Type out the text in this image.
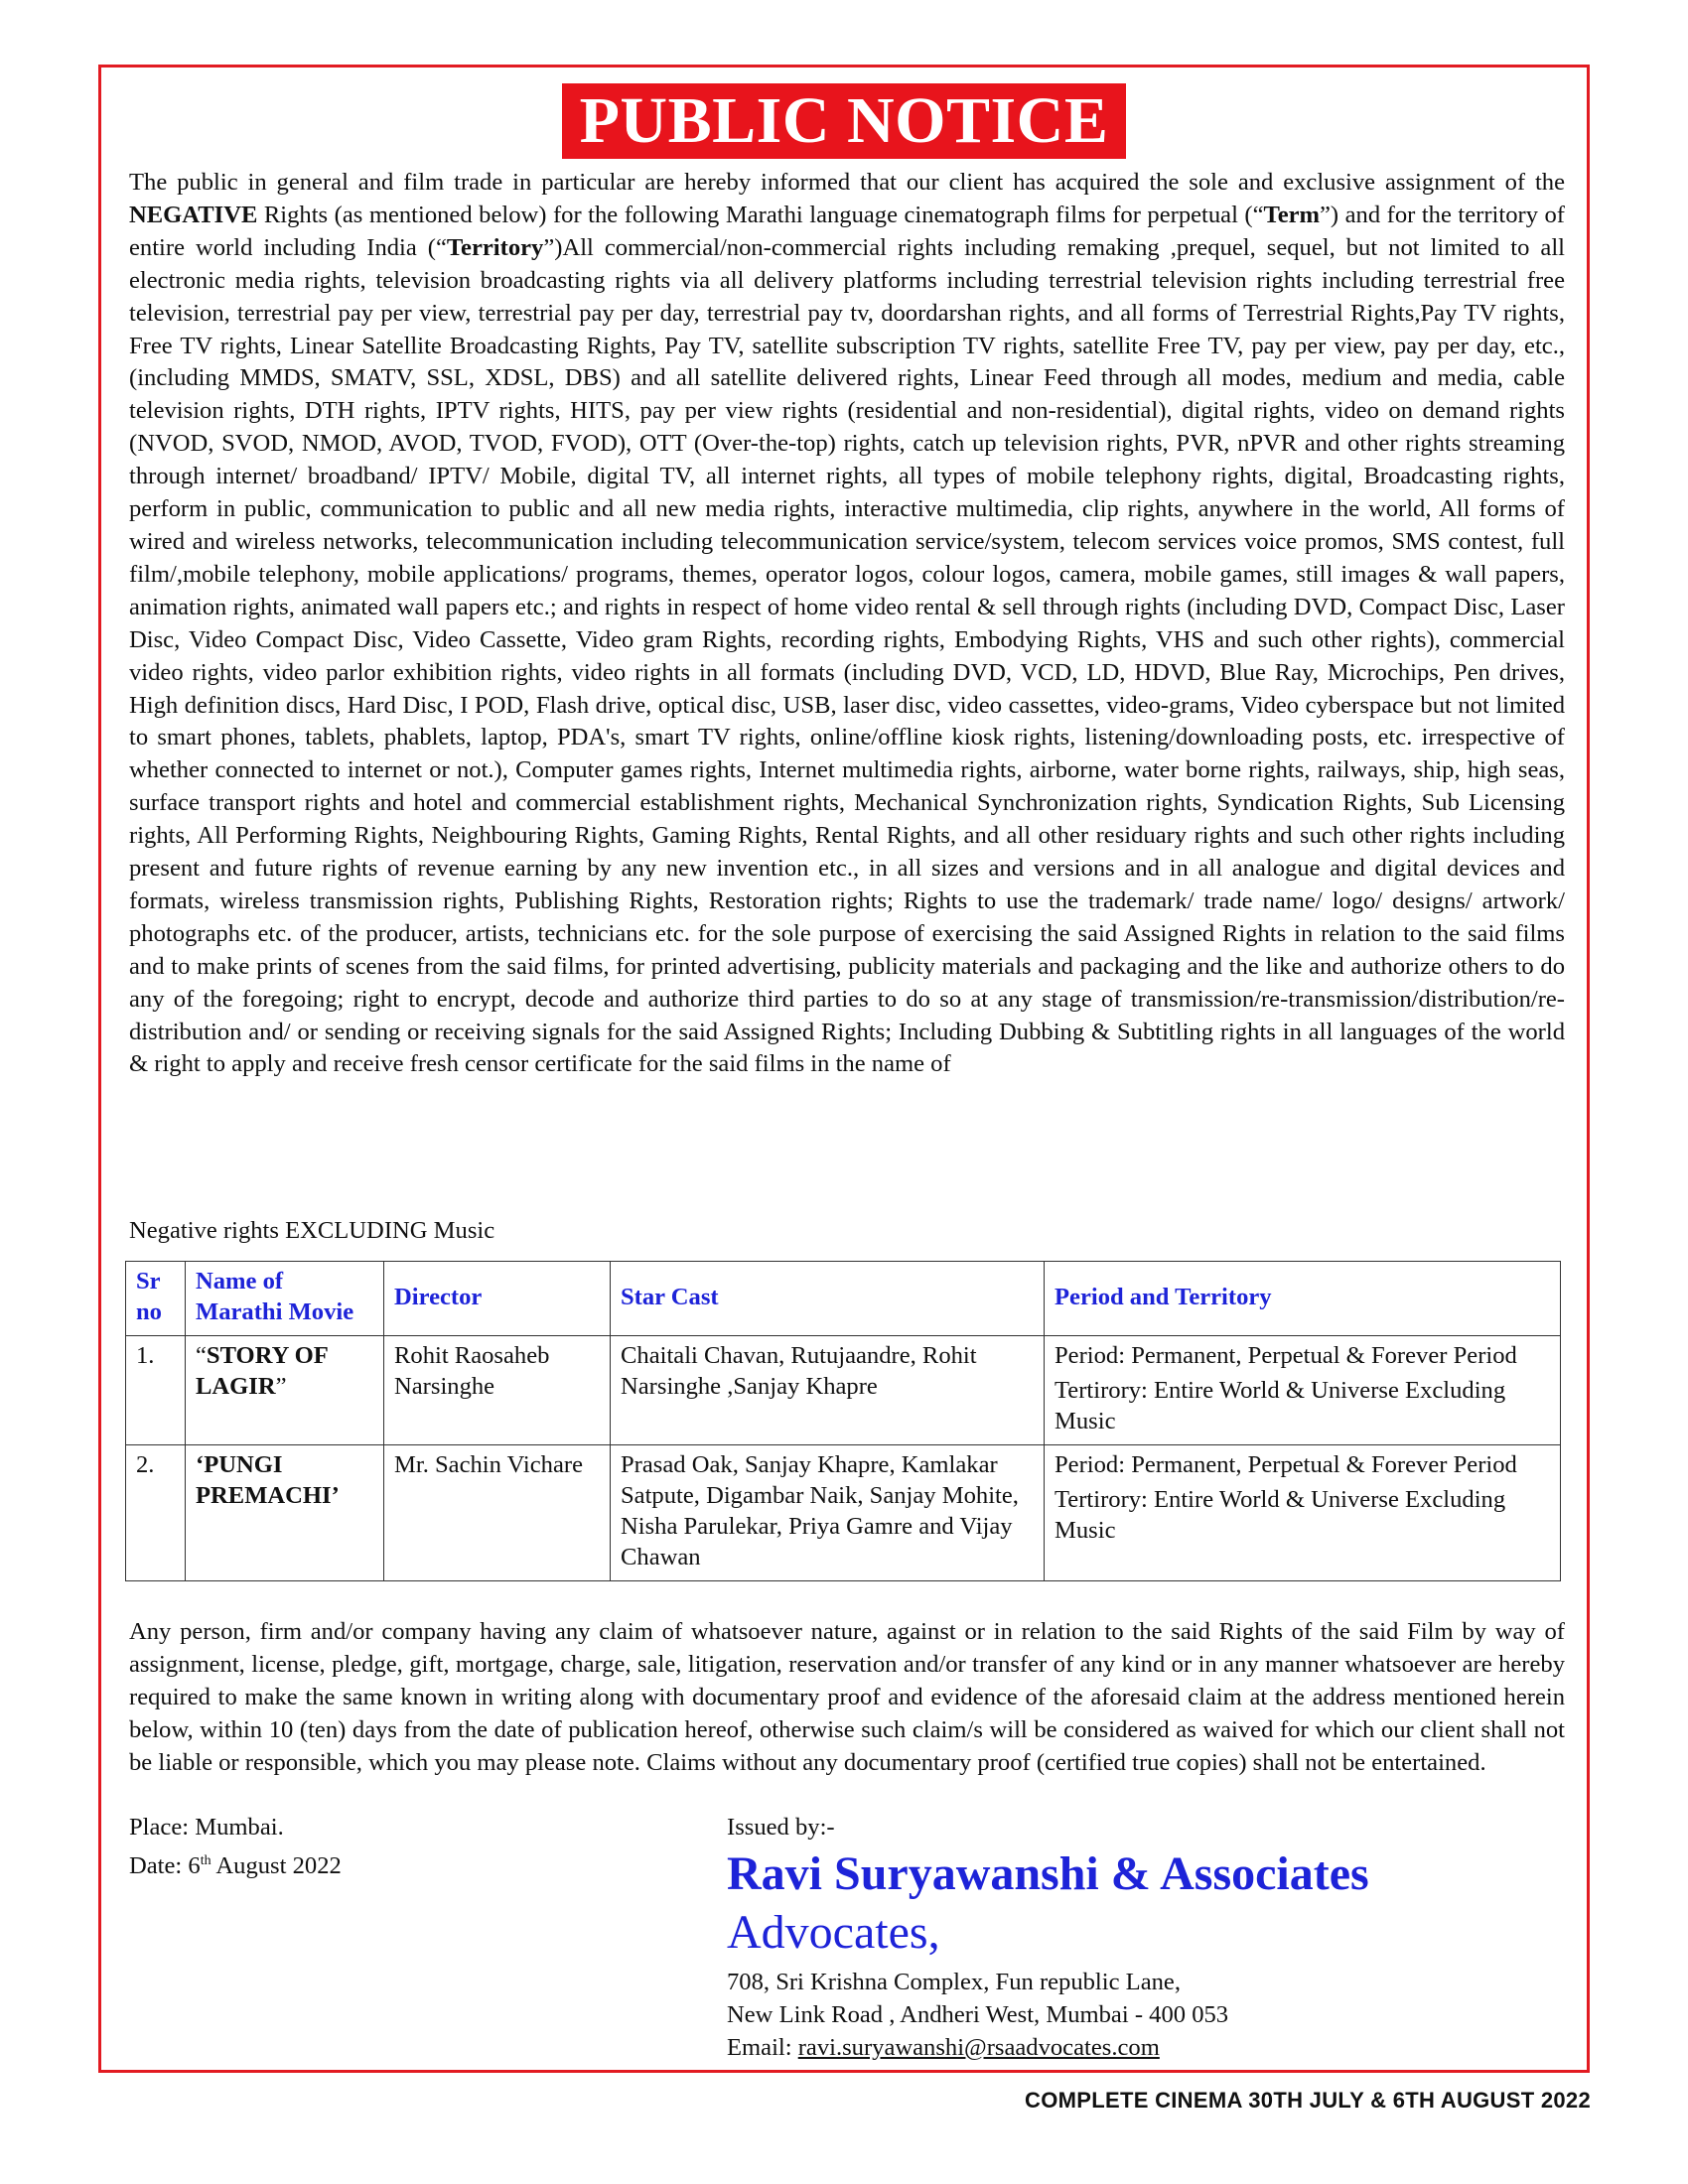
PUBLIC NOTICE
The public in general and film trade in particular are hereby informed that our client has acquired the sole and exclusive assignment of the NEGATIVE Rights (as mentioned below) for the following Marathi language cinematograph films for perpetual (“Term”) and for the territory of entire world including India (“Territory”)All commercial/non-commercial rights including remaking ,prequel, sequel, but not limited to all electronic media rights, television broadcasting rights via all delivery platforms including terrestrial television rights including terrestrial free television, terrestrial pay per view, terrestrial pay per day, terrestrial pay tv, doordarshan rights, and all forms of Terrestrial Rights,Pay TV rights, Free TV rights, Linear Satellite Broadcasting Rights, Pay TV, satellite subscription TV rights, satellite Free TV, pay per view, pay per day, etc., (including MMDS, SMATV, SSL, XDSL, DBS) and all satellite delivered rights, Linear Feed through all modes, medium and media, cable television rights, DTH rights, IPTV rights, HITS, pay per view rights (residential and non-residential), digital rights, video on demand rights (NVOD, SVOD, NMOD, AVOD, TVOD, FVOD), OTT (Over-the-top) rights, catch up television rights, PVR, nPVR and other rights streaming through internet/ broadband/ IPTV/ Mobile, digital TV, all internet rights, all types of mobile telephony rights, digital, Broadcasting rights, perform in public, communication to public and all new media rights, interactive multimedia, clip rights, anywhere in the world, All forms of wired and wireless networks, telecommunication including telecommunication service/system, telecom services voice promos, SMS contest, full film/,mobile telephony, mobile applications/ programs, themes, operator logos, colour logos, camera, mobile games, still images & wall papers, animation rights, animated wall papers etc.; and rights in respect of home video rental & sell through rights (including DVD, Compact Disc, Laser Disc, Video Compact Disc, Video Cassette, Video gram Rights, recording rights, Embodying Rights, VHS and such other rights), commercial video rights, video parlor exhibition rights, video rights in all formats (including DVD, VCD, LD, HDVD, Blue Ray, Microchips, Pen drives, High definition discs, Hard Disc, I POD, Flash drive, optical disc, USB, laser disc, video cassettes, video-grams, Video cyberspace but not limited to smart phones, tablets, phablets, laptop, PDA's, smart TV rights, online/offline kiosk rights, listening/downloading posts, etc. irrespective of whether connected to internet or not.), Computer games rights, Internet multimedia rights, airborne, water borne rights, railways, ship, high seas, surface transport rights and hotel and commercial establishment rights, Mechanical Synchronization rights, Syndication Rights, Sub Licensing rights, All Performing Rights, Neighbouring Rights, Gaming Rights, Rental Rights, and all other residuary rights and such other rights including present and future rights of revenue earning by any new invention etc., in all sizes and versions and in all analogue and digital devices and formats, wireless transmission rights, Publishing Rights, Restoration rights; Rights to use the trademark/ trade name/ logo/ designs/ artwork/ photographs etc. of the producer, artists, technicians etc. for the sole purpose of exercising the said Assigned Rights in relation to the said films and to make prints of scenes from the said films, for printed advertising, publicity materials and packaging and the like and authorize others to do any of the foregoing; right to encrypt, decode and authorize third parties to do so at any stage of transmission/re-transmission/distribution/re-distribution and/ or sending or receiving signals for the said Assigned Rights; Including Dubbing & Subtitling rights in all languages of the world & right to apply and receive fresh censor certificate for the said films in the name of
Negative rights EXCLUDING Music
Sr no	Name of Marathi Movie	Director	Star Cast	Period and Territory
1.	“STORY OF LAGIR”	Rohit Raosaheb Narsinghe	Chaitali Chavan, Rutujaandre, Rohit Narsinghe ,Sanjay Khapre	Period: Permanent, Perpetual & Forever Period
Tertirory: Entire World & Universe Excluding Music

2.	‘PUNGI PREMACHI’	Mr. Sachin Vichare	Prasad Oak, Sanjay Khapre, Kamlakar Satpute, Digambar Naik, Sanjay Mohite, Nisha Parulekar, Priya Gamre and Vijay Chawan	Period: Permanent, Perpetual & Forever Period
Tertirory: Entire World & Universe Excluding Music
Any person, firm and/or company having any claim of whatsoever nature, against or in relation to the said Rights of the said Film by way of assignment, license, pledge, gift, mortgage, charge, sale, litigation, reservation and/or transfer of any kind or in any manner whatsoever are hereby required to make the same known in writing along with documentary proof and evidence of the aforesaid claim at the address mentioned herein below, within 10 (ten) days from the date of publication hereof, otherwise such claim/s will be considered as waived for which our client shall not be liable or responsible, which you may please note. Claims without any documentary proof (certified true copies) shall not be entertained.
Place: Mumbai.
Date: 6th August 2022
Issued by:-
Ravi Suryawanshi & Associates
Advocates,
708, Sri Krishna Complex, Fun republic Lane,
New Link Road , Andheri West, Mumbai - 400 053
Email: ravi.suryawanshi@rsaadvocates.com
COMPLETE CINEMA 30TH JULY & 6TH AUGUST 2022
